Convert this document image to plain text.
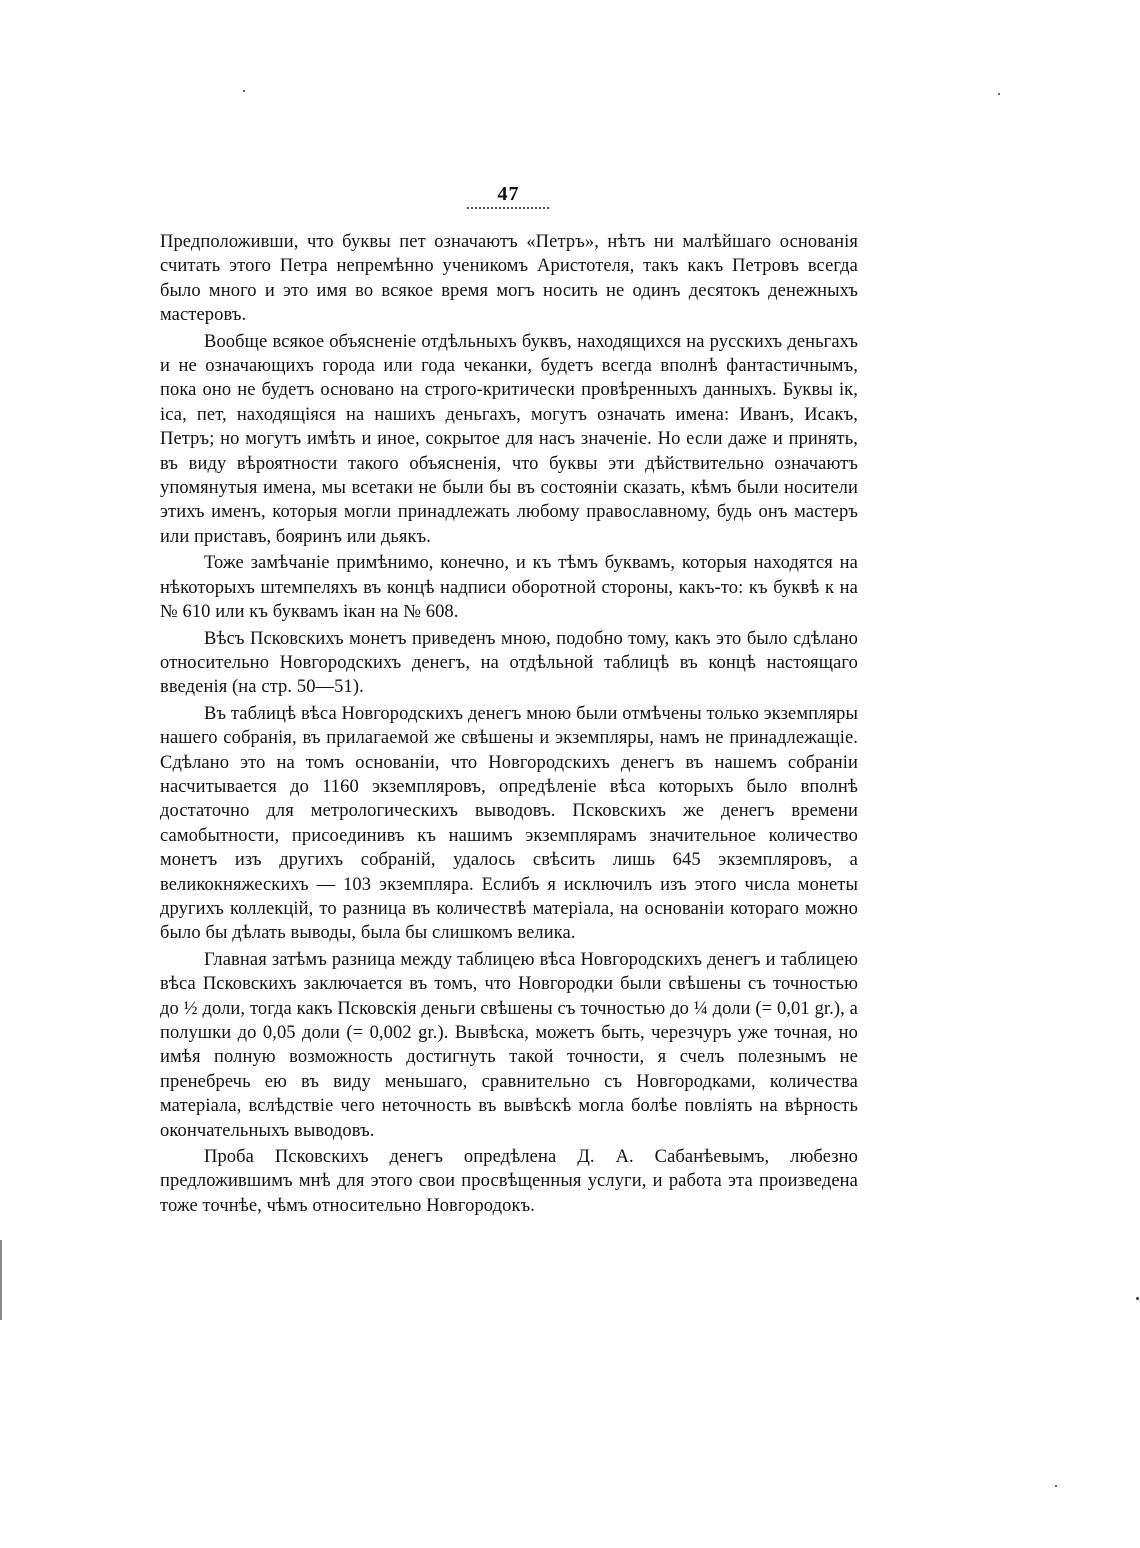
47

Предположивши, что буквы пет означаютъ «Петръ», нѣтъ ни малѣйшаго основанія считать этого Петра непремѣнно ученикомъ Аристотеля, такъ какъ Петровъ всегда было много и это имя во всякое время могъ носить не одинъ десятокъ денежныхъ мастеровъ.

Вообще всякое объясненіе отдѣльныхъ буквъ, находящихся на русскихъ деньгахъ и не означающихъ города или года чеканки, будетъ всегда вполнѣ фантастичнымъ, пока оно не будетъ основано на строго-критически провѣренныхъ данныхъ. Буквы ік, іса, пет, находящіяся на нашихъ деньгахъ, могутъ означать имена: Иванъ, Исакъ, Петръ; но могутъ имѣть и иное, сокрытое для насъ значеніе. Но если даже и принять, въ виду вѣроятности такого объясненія, что буквы эти дѣйствительно означаютъ упомянутыя имена, мы всетаки не были бы въ состояніи сказать, кѣмъ были носители этихъ именъ, которыя могли принадлежать любому православному, будь онъ мастеръ или приставъ, бояринъ или дьякъ.

Тоже замѣчаніе примѣнимо, конечно, и къ тѣмъ буквамъ, которыя находятся на нѣкоторыхъ штемпеляхъ въ концѣ надписи оборотной стороны, какъ-то: къ буквѣ к на № 610 или къ буквамъ ікан на № 608.

Вѣсъ Псковскихъ монетъ приведенъ мною, подобно тому, какъ это было сдѣлано относительно Новгородскихъ денегъ, на отдѣльной таблицѣ въ концѣ настоящаго введенія (на стр. 50—51).

Въ таблицѣ вѣса Новгородскихъ денегъ мною были отмѣчены только экземпляры нашего собранія, въ прилагаемой же свѣшены и экземпляры, намъ не принадлежащіе. Сдѣлано это на томъ основаніи, что Новгородскихъ денегъ въ нашемъ собраніи насчитывается до 1160 экземпляровъ, опредѣленіе вѣса которыхъ было вполнѣ достаточно для метрологическихъ выводовъ. Псковскихъ же денегъ времени самобытности, присоединивъ къ нашимъ экземплярамъ значительное количество монетъ изъ другихъ собраній, удалось свѣсить лишь 645 экземпляровъ, а великокняжескихъ — 103 экземпляра. Еслибъ я исключилъ изъ этого числа монеты другихъ коллекцій, то разница въ количествѣ матеріала, на основаніи котораго можно было бы дѣлать выводы, была бы слишкомъ велика.

Главная затѣмъ разница между таблицею вѣса Новгородскихъ денегъ и таблицею вѣса Псковскихъ заключается въ томъ, что Новгородки были свѣшены съ точностью до ½ доли, тогда какъ Псковскія деньги свѣшены съ точностью до ¼ доли (= 0,01 gr.), а полушки до 0,05 доли (= 0,002 gr.). Вывѣска, можетъ быть, черезчуръ уже точная, но имѣя полную возможность достигнуть такой точности, я счелъ полезнымъ не пренебречь ею въ виду меньшаго, сравнительно съ Новгородками, количества матеріала, вслѣдствіе чего неточность въ вывѣскѣ могла болѣе повліять на вѣрность окончательныхъ выводовъ.

Проба Псковскихъ денегъ опредѣлена Д. А. Сабанѣевымъ, любезно предложившимъ мнѣ для этого свои просвѣщенныя услуги, и работа эта произведена тоже точнѣе, чѣмъ относительно Новгородокъ.
